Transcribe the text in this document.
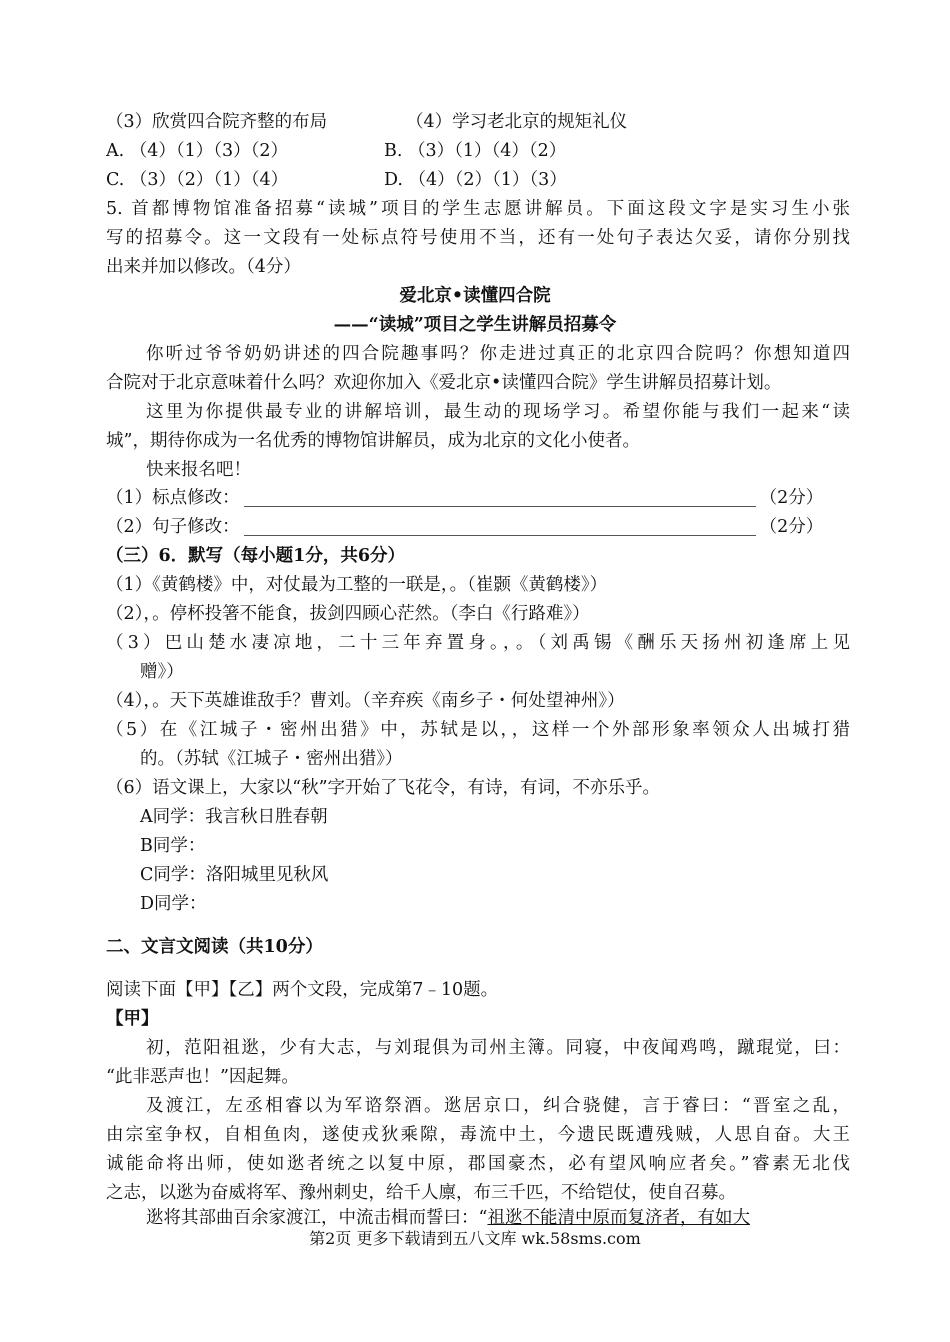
（3）欣赏四合院齐整的布局	（4）学习老北京的规矩礼仪
A. （4）（1）（3）（2）	B. （3）（1）（4）（2）
C. （3）（2）（1）（4）	D. （4）（2）（1）（3）
5. 首都博物馆准备招募“读城”项目的学生志愿讲解员。下面这段文字是实习生小张
写的招募令。这一文段有一处标点符号使用不当，还有一处句子表达欠妥，请你分别找
出来并加以修改。（4分）
爱北京•读懂四合院
——“读城”项目之学生讲解员招募令
你听过爷爷奶奶讲述的四合院趣事吗？你走进过真正的北京四合院吗？你想知道四
合院对于北京意味着什么吗？欢迎你加入《爱北京•读懂四合院》学生讲解员招募计划。
这里为你提供最专业的讲解培训，最生动的现场学习。希望你能与我们一起来“读
城”，期待你成为一名优秀的博物馆讲解员，成为北京的文化小使者。
快来报名吧！
（1）标点修改：	（2分）
（2）句子修改：	（2分）
（三）6．默写（每小题1分，共6分）
（1）《黄鹤楼》中，对仗最为工整的一联是，。（崔颢《黄鹤楼》）
（2），。停杯投箸不能食，拔剑四顾心茫然。（李白《行路难》）
（3）巴山楚水凄凉地，二十三年弃置身。，。（刘禹锡《酬乐天扬州初逢席上见
赠》）
（4），。天下英雄谁敌手？曹刘。（辛弃疾《南乡子・何处望神州》）
（5）在《江城子・密州出猎》中，苏轼是以，，这样一个外部形象率领众人出城打猎
的。（苏轼《江城子・密州出猎》）
（6）语文课上，大家以“秋”字开始了飞花令，有诗，有词，不亦乐乎。
A同学：我言秋日胜春朝
B同学：
C同学：洛阳城里见秋风
D同学：
二、文言文阅读（共10分）
阅读下面【甲】【乙】两个文段，完成第7﹣10题。
【甲】
初，范阳祖逖，少有大志，与刘琨俱为司州主簿。同寝，中夜闻鸡鸣，蹴琨觉，曰：
“此非恶声也！”因起舞。
及渡江，左丞相睿以为军谘祭酒。逖居京口，纠合骁健，言于睿曰：“晋室之乱，
由宗室争权，自相鱼肉，遂使戎狄乘隙，毒流中土，今遗民既遭残贼，人思自奋。大王
诚能命将出师，使如逖者统之以复中原，郡国豪杰，必有望风响应者矣。”睿素无北伐
之志，以逖为奋威将军、豫州刺史，给千人廪，布三千匹，不给铠仗，使自召募。
逖将其部曲百余家渡江，中流击楫而誓曰：“祖逖不能清中原而复济者，有如大
第2页 更多下载请到五八文库 wk.58sms.com
